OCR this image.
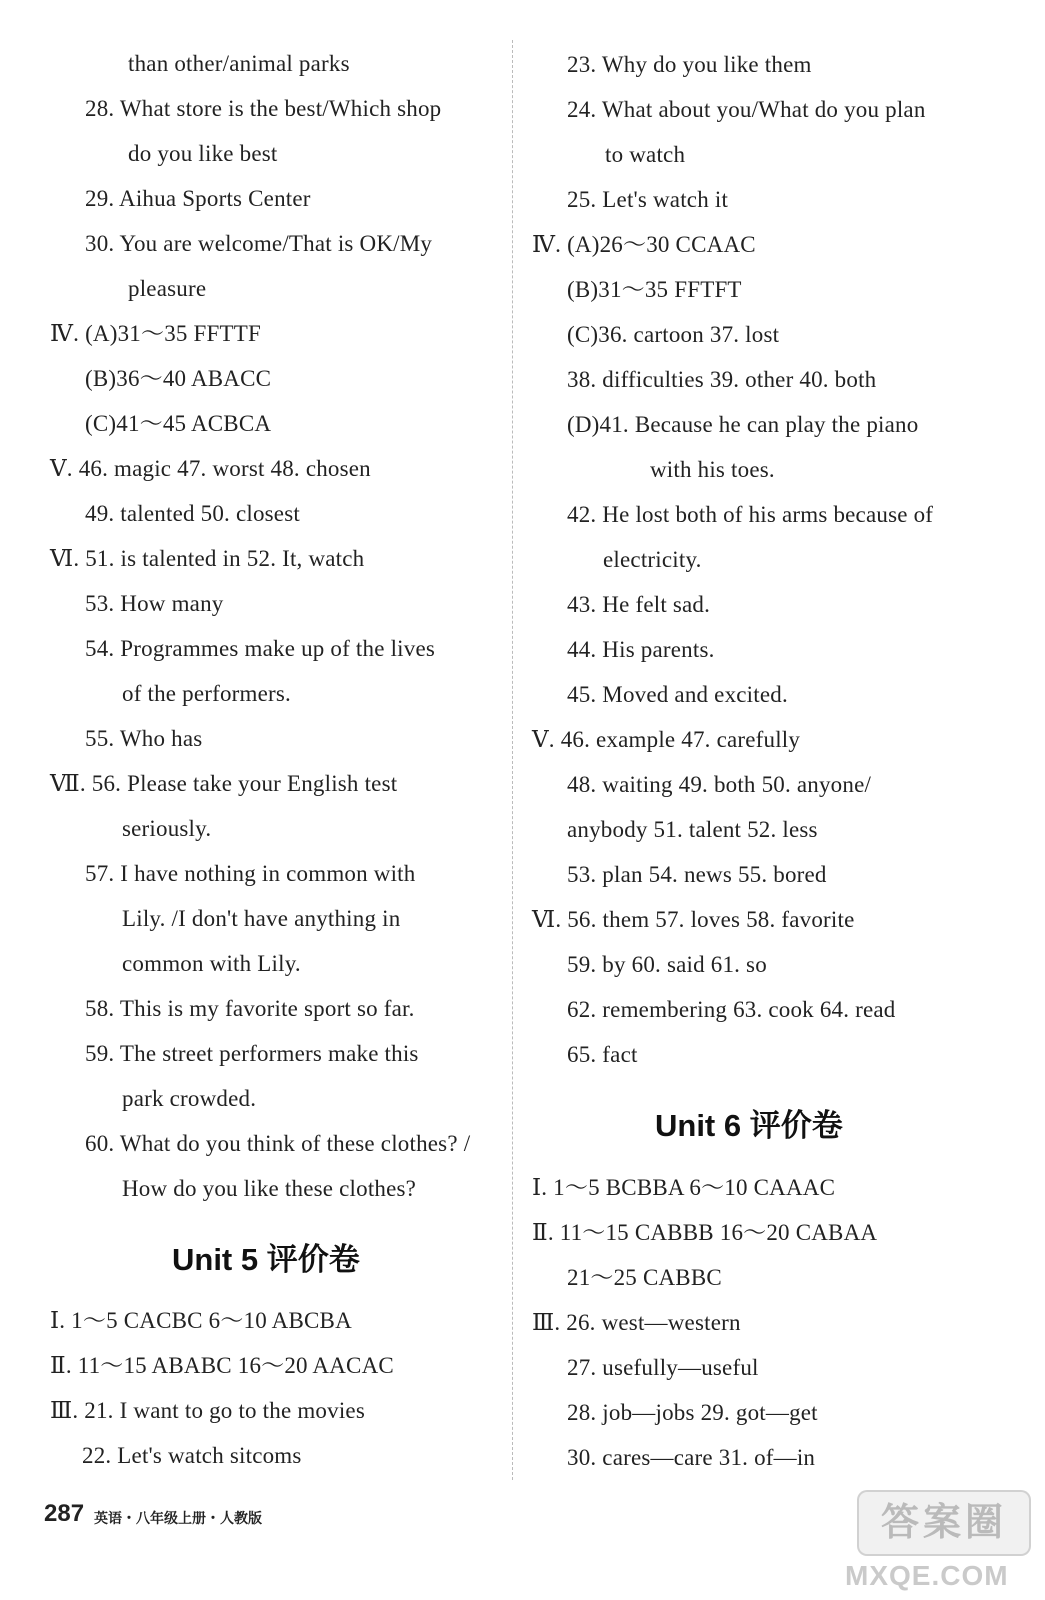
than other/animal parks
28. What store is the best/Which shop
do you like best
29. Aihua Sports Center
30. You are welcome/That is OK/My
pleasure
Ⅳ. (A)31～35 FFTTF
(B)36～40 ABACC
(C)41～45 ACBCA
Ⅴ. 46. magic 47. worst 48. chosen
49. talented 50. closest
Ⅵ. 51. is talented in 52. It, watch
53. How many
54. Programmes make up of the lives
of the performers.
55. Who has
Ⅶ. 56. Please take your English test
seriously.
57. I have nothing in common with
Lily. /I don't have anything in
common with Lily.
58. This is my favorite sport so far.
59. The street performers make this
park crowded.
60. What do you think of these clothes? /
How do you like these clothes?
Unit 5 评价卷
Ⅰ. 1～5 CACBC 6～10 ABCBA
Ⅱ. 11～15 ABABC 16～20 AACAC
Ⅲ. 21. I want to go to the movies
22. Let's watch sitcoms
23. Why do you like them
24. What about you/What do you plan
to watch
25. Let's watch it
Ⅳ. (A)26～30 CCAAC
(B)31～35 FFTFT
(C)36. cartoon 37. lost
38. difficulties 39. other 40. both
(D)41. Because he can play the piano
with his toes.
42. He lost both of his arms because of
electricity.
43. He felt sad.
44. His parents.
45. Moved and excited.
Ⅴ. 46. example 47. carefully
48. waiting 49. both 50. anyone/
anybody 51. talent 52. less
53. plan 54. news 55. bored
Ⅵ. 56. them 57. loves 58. favorite
59. by 60. said 61. so
62. remembering 63. cook 64. read
65. fact
Unit 6 评价卷
Ⅰ. 1～5 BCBBA 6～10 CAAAC
Ⅱ. 11～15 CABBB 16～20 CABAA
21～25 CABBC
Ⅲ. 26. west—western
27. usefully—useful
28. job—jobs 29. got—get
30. cares—care 31. of—in
287 英语・八年级上册・人教版	答案圈
MXQE.COM
